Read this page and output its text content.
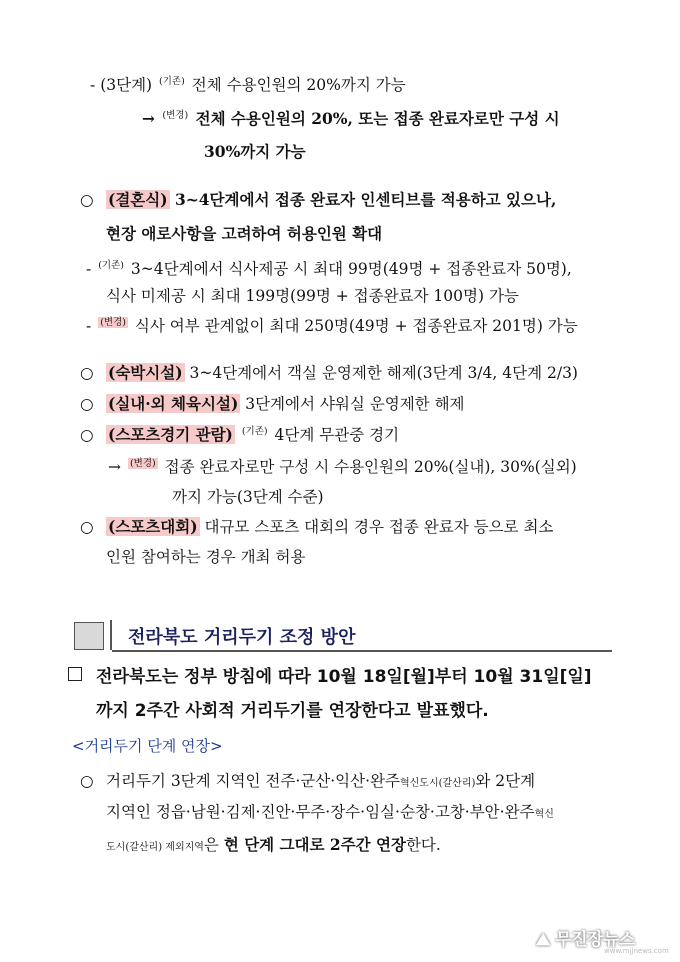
- (3단계) $^{(기존)}$ 전체 수용인원의 20%까지 가능
→ $^{(변경)}$ 전체 수용인원의 20%, 또는 접종 완료자로만 구성 시
30%까지 가능
○ (결혼식) 3~4단계에서 접종 완료자 인센티브를 적용하고 있으나,
현장 애로사항을 고려하여 허용인원 확대
- $^{(기존)}$ 3~4단계에서 식사제공 시 최대 99명(49명 + 접종완료자 50명),
식사 미제공 시 최대 199명(99명 + 접종완료자 100명) 가능
- $^{(변경)}$ 식사 여부 관계없이 최대 250명(49명 + 접종완료자 201명) 가능
○ (숙박시설) 3~4단계에서 객실 운영제한 해제(3단계 3/4, 4단계 2/3)
○ (실내·외 체육시설) 3단계에서 샤워실 운영제한 해제
○ (스포츠경기 관람) $^{(기존)}$ 4단계 무관중 경기
→ $^{(변경)}$ 접종 완료자로만 구성 시 수용인원의 20%(실내), 30%(실외)
까지 가능(3단계 수준)
○ (스포츠대회) 대규모 스포츠 대회의 경우 접종 완료자 등으로 최소
인원 참여하는 경우 개최 허용
전라북도 거리두기 조정 방안
전라북도는 정부 방침에 따라 10월 18일[월]부터 10월 31일[일]
까지 2주간 사회적 거리두기를 연장한다고 발표했다.
<거리두기 단계 연장>
○ 거리두기 3단계 지역인 전주·군산·익산·완주혁신도시(갈산리)와 2단계
지역인 정읍·남원·김제·진안·무주·장수·임실·순창·고창·부안·완주혁신
도시(갈산리) 제외지역은 현 단계 그대로 2주간 연장한다.
⛰ 무진장뉴스
www.mjjnews.com
